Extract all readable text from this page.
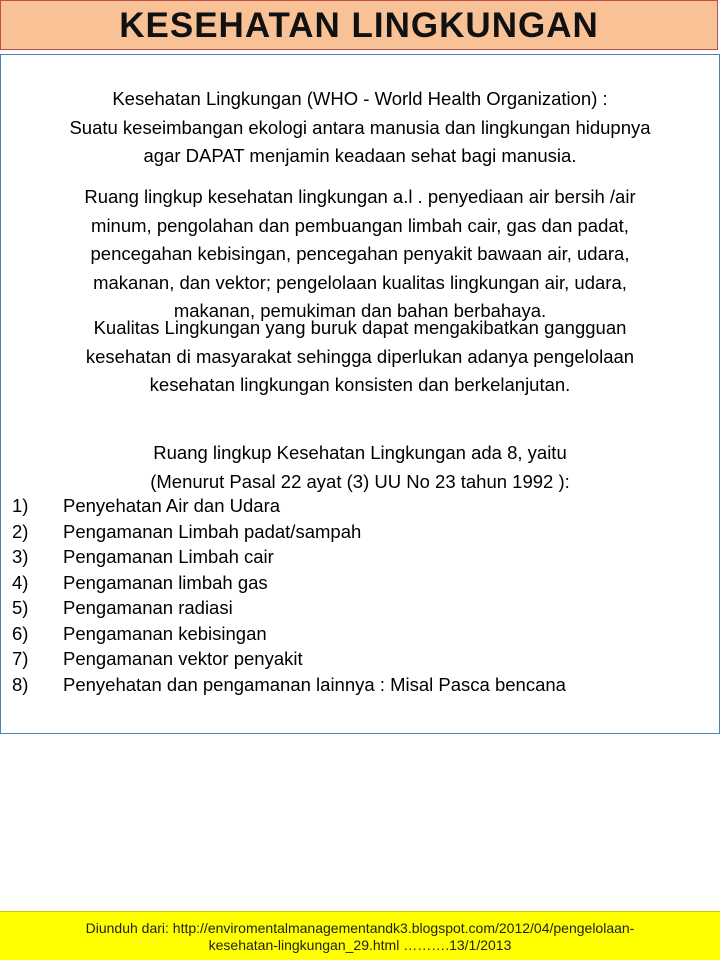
KESEHATAN LINGKUNGAN
Kesehatan Lingkungan (WHO - World Health Organization) :
Suatu keseimbangan ekologi antara manusia dan lingkungan hidupnya
agar DAPAT menjamin keadaan sehat bagi manusia.
Ruang lingkup kesehatan lingkungan a.l . penyediaan air bersih /air
minum, pengolahan dan pembuangan limbah cair, gas dan padat,
pencegahan kebisingan, pencegahan penyakit bawaan air, udara,
makanan, dan vektor; pengelolaan kualitas lingkungan air, udara,
makanan, pemukiman dan bahan berbahaya.
Kualitas Lingkungan yang buruk dapat mengakibatkan gangguan
kesehatan di masyarakat sehingga diperlukan adanya pengelolaan
kesehatan lingkungan konsisten dan berkelanjutan.
Ruang lingkup Kesehatan Lingkungan ada 8, yaitu
(Menurut Pasal 22 ayat (3) UU No 23 tahun 1992 ):
1)	Penyehatan Air dan Udara
2)	Pengamanan Limbah padat/sampah
3)	Pengamanan Limbah cair
4)	Pengamanan limbah gas
5)	Pengamanan radiasi
6)	Pengamanan kebisingan
7)	Pengamanan vektor penyakit
8)	Penyehatan dan pengamanan lainnya : Misal Pasca bencana
Diunduh dari: http://enviromentalmanagementandk3.blogspot.com/2012/04/pengelolaan-
kesehatan-lingkungan_29.html ……….13/1/2013
